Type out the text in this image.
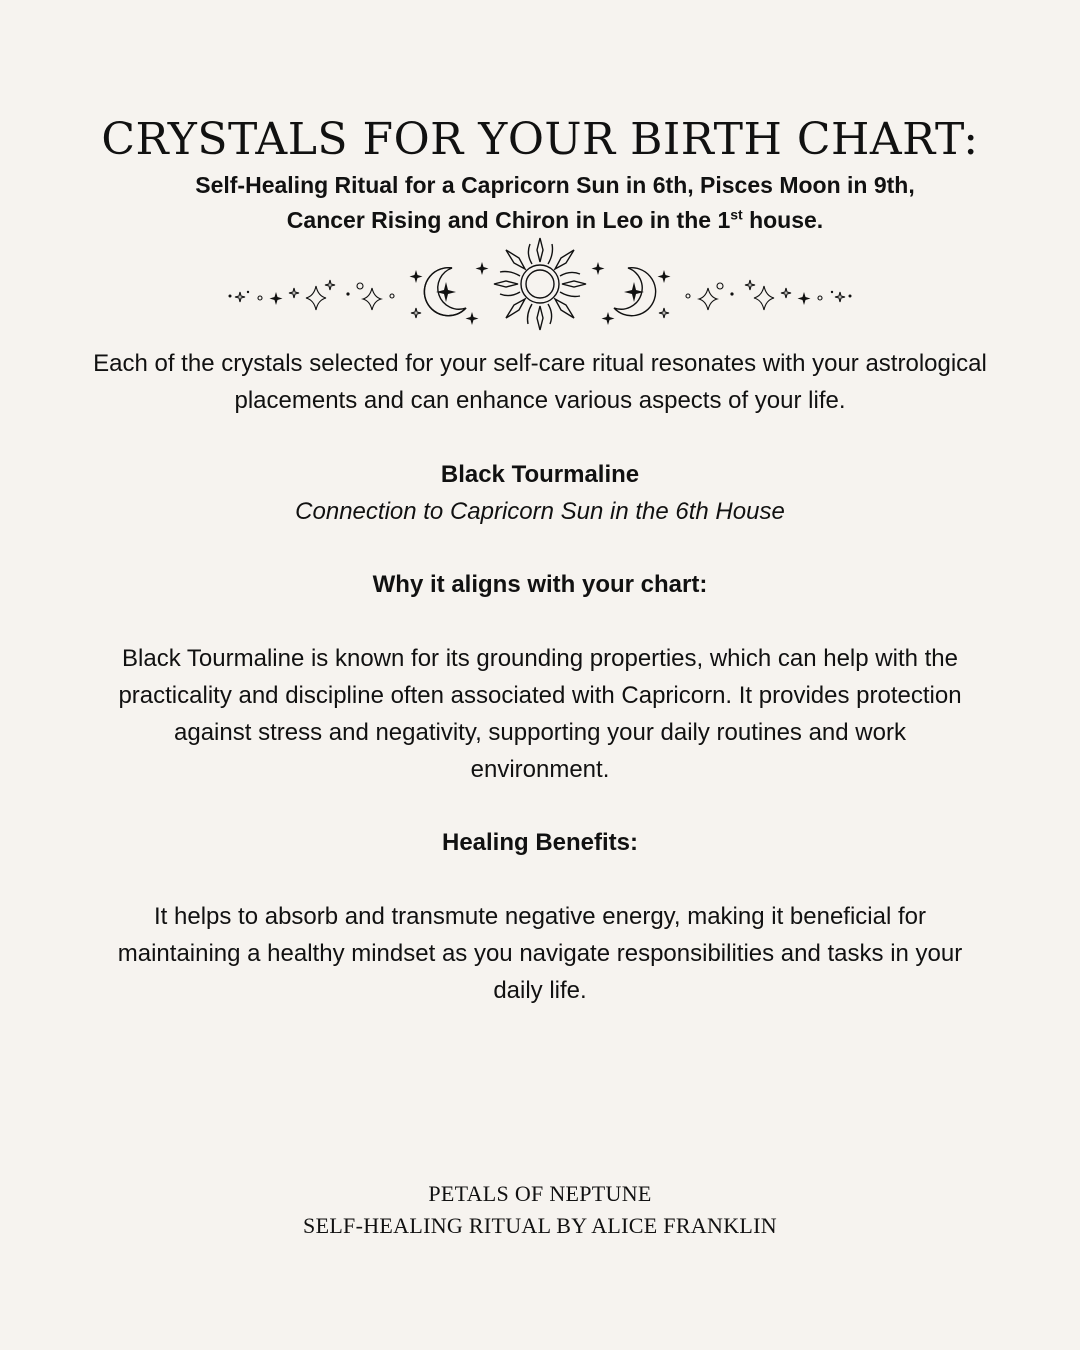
CRYSTALS FOR YOUR BIRTH CHART:
Self-Healing Ritual for a Capricorn Sun in 6th, Pisces Moon in 9th,
Cancer Rising and Chiron in Leo in the 1st house.

Each of the crystals selected for your self-care ritual resonates with your astrological placements and can enhance various aspects of your life.

Black Tourmaline

Connection to Capricorn Sun in the 6th House

Why it aligns with your chart:

Black Tourmaline is known for its grounding properties, which can help with the practicality and discipline often associated with Capricorn. It provides protection against stress and negativity, supporting your daily routines and work environment.

Healing Benefits:

It helps to absorb and transmute negative energy, making it beneficial for maintaining a healthy mindset as you navigate responsibilities and tasks in your daily life.

PETALS OF NEPTUNE
SELF-HEALING RITUAL BY ALICE FRANKLIN
